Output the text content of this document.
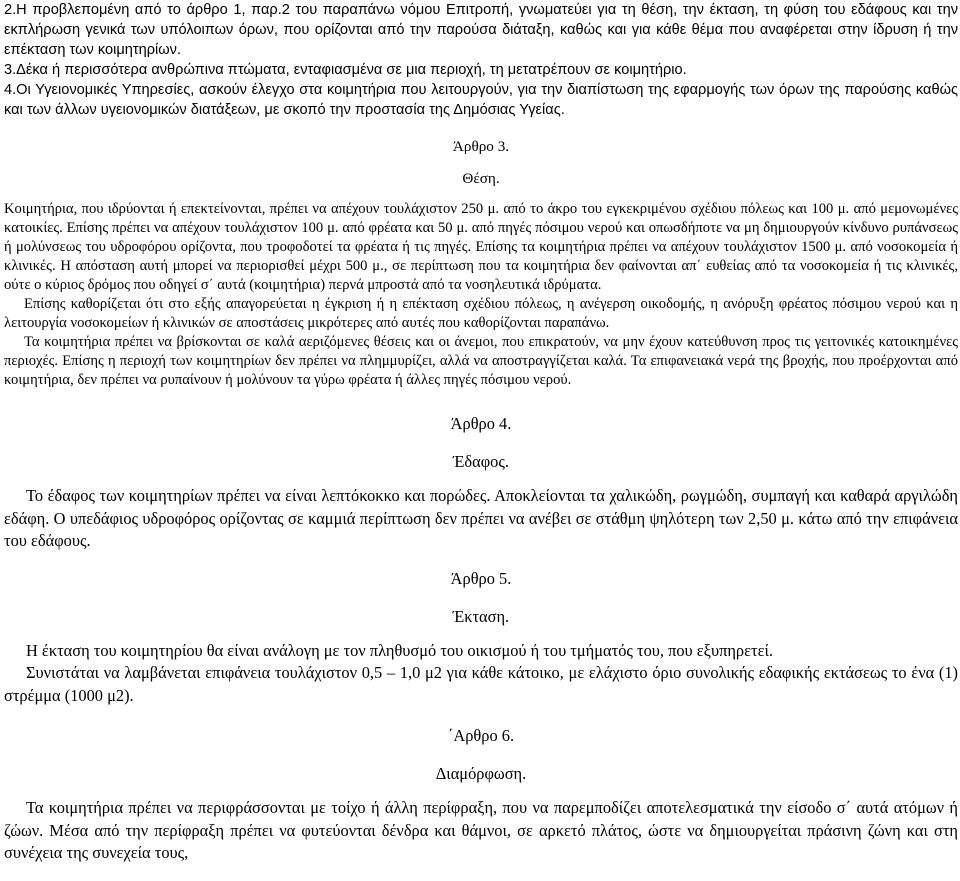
2.Η προβλεπομένη από το άρθρο 1, παρ.2 του παραπάνω νόμου Επιτροπή, γνωματεύει για τη θέση, την έκταση, τη φύση του εδάφους και την εκπλήρωση γενικά των υπόλοιπων όρων, που ορίζονται από την παρούσα διάταξη, καθώς και για κάθε θέμα που αναφέρεται στην ίδρυση ή την επέκταση των κοιμητηρίων.

3.Δέκα ή περισσότερα ανθρώπινα πτώματα, ενταφιασμένα σε μια περιοχή, τη μετατρέπουν σε κοιμητήριο.

4.Οι Υγειονομικές Υπηρεσίες, ασκούν έλεγχο στα κοιμητήρια που λειτουργούν, για την διαπίστωση της εφαρμογής των όρων της παρούσης καθώς και των άλλων υγειονομικών διατάξεων, με σκοπό την προστασία της Δημόσιας Υγείας.

Άρθρο 3.

Θέση.

Κοιμητήρια, που ιδρύονται ή επεκτείνονται, πρέπει να απέχουν τουλάχιστον 250 μ. από το άκρο του εγκεκριμένου σχέδιου πόλεως και 100 μ. από μεμονωμένες κατοικίες. Επίσης πρέπει να απέχουν τουλάχιστον 100 μ. από φρέατα και 50 μ. από πηγές πόσιμου νερού και οπωσδήποτε να μη δημιουργούν κίνδυνο ρυπάνσεως ή μολύνσεως του υδροφόρου ορίζοντα, που τροφοδοτεί τα φρέατα ή τις πηγές. Επίσης τα κοιμητήρια πρέπει να απέχουν τουλάχιστον 1500 μ. από νοσοκομεία ή κλινικές. Η απόσταση αυτή μπορεί να περιορισθεί μέχρι 500 μ., σε περίπτωση που τα κοιμητήρια δεν φαίνονται απ΄ ευθείας από τα νοσοκομεία ή τις κλινικές, ούτε ο κύριος δρόμος που οδηγεί σ΄ αυτά (κοιμητήρια) περνά μπροστά από τα νοσηλευτικά ιδρύματα.

Επίσης καθορίζεται ότι στο εξής απαγορεύεται η έγκριση ή η επέκταση σχέδιου πόλεως, η ανέγερση οικοδομής, η ανόρυξη φρέατος πόσιμου νερού και η λειτουργία νοσοκομείων ή κλινικών σε αποστάσεις μικρότερες από αυτές που καθορίζονται παραπάνω.

Τα κοιμητήρια πρέπει να βρίσκονται σε καλά αεριζόμενες θέσεις και οι άνεμοι, που επικρατούν, να μην έχουν κατεύθυνση προς τις γειτονικές κατοικημένες περιοχές. Επίσης η περιοχή των κοιμητηρίων δεν πρέπει να πλημμυρίζει, αλλά να αποστραγγίζεται καλά. Τα επιφανειακά νερά της βροχής, που προέρχονται από κοιμητήρια, δεν πρέπει να ρυπαίνουν ή μολύνουν τα γύρω φρέατα ή άλλες πηγές πόσιμου νερού.

Άρθρο 4.

Έδαφος.

Το έδαφος των κοιμητηρίων πρέπει να είναι λεπτόκοκκο και πορώδες. Αποκλείονται τα χαλικώδη, ρωγμώδη, συμπαγή και καθαρά αργιλώδη εδάφη. Ο υπεδάφιος υδροφόρος ορίζοντας σε καμμιά περίπτωση δεν πρέπει να ανέβει σε στάθμη ψηλότερη των 2,50 μ. κάτω από την επιφάνεια του εδάφους.

Άρθρο 5.

Έκταση.

Η έκταση του κοιμητηρίου θα είναι ανάλογη με τον πληθυσμό του οικισμού ή του τμήματός του, που εξυπηρετεί.

Συνιστάται να λαμβάνεται επιφάνεια τουλάχιστον 0,5 – 1,0 μ2 για κάθε κάτοικο, με ελάχιστο όριο συνολικής εδαφικής εκτάσεως το ένα (1) στρέμμα (1000 μ2).

΄Αρθρο 6.

Διαμόρφωση.

Τα κοιμητήρια πρέπει να περιφράσσονται με τοίχο ή άλλη περίφραξη, που να παρεμποδίζει αποτελεσματικά την είσοδο σ΄ αυτά ατόμων ή ζώων. Μέσα από την περίφραξη πρέπει να φυτεύονται δένδρα και θάμνοι, σε αρκετό πλάτος, ώστε να δημιουργείται πράσινη ζώνη και στη συνέχεια της συνεχεία τους,
